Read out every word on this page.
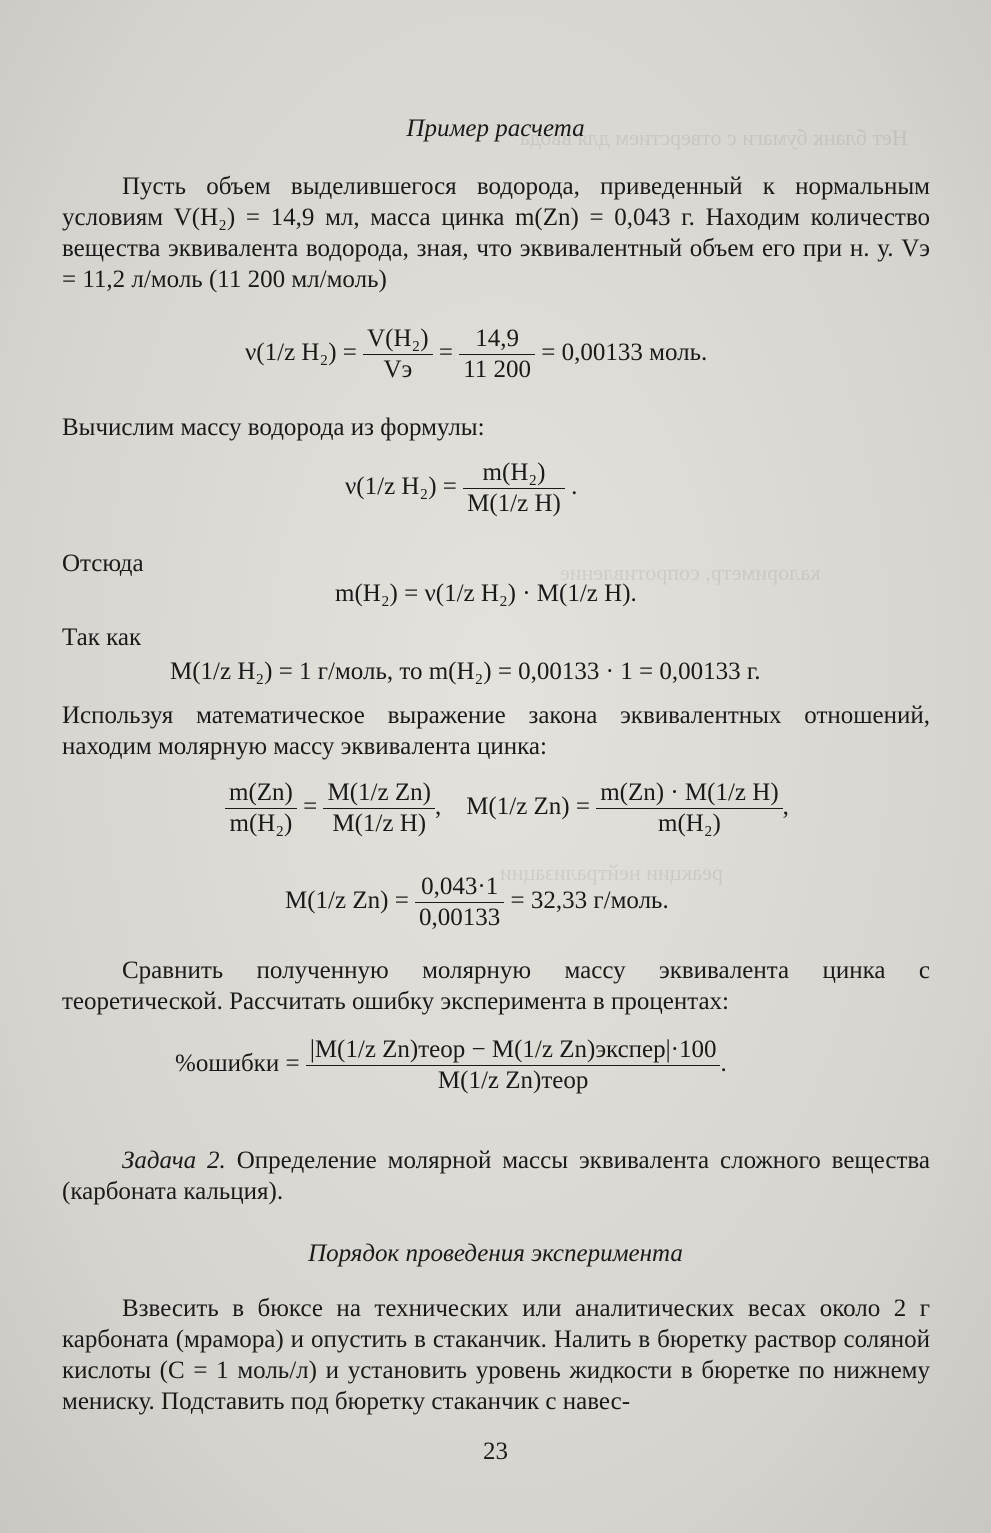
Нет бланк бумаги с отверстием для ввода
калориметр, сопротивление
реакции нейтрализации
Пример расчета
Пусть объем выделившегося водорода, приведенный к нормальным условиям V(H₂) = 14,9 мл, масса цинка m(Zn) = 0,043 г. Находим количество вещества эквивалента водорода, зная, что эквивалентный объем его при н. у. Vэ = 11,2 л/моль (11 200 мл/моль)
ν(1/z $H_2) = \frac{\text{V(H₂)}}{Vэ} = \frac{14,9}{11 200} = 0,00133$ моль.
Вычислим массу водорода из формулы:
ν(1/z $H_2) = \frac{\text{m(H₂)}}{\text{M(1/z H)}}$ .
Отсюда
m(H₂) = ν(1/z H₂) · M(1/z H).
Так как
M(1/z H₂) = 1 г/моль, то m(H₂) = 0,00133 · 1 = 0,00133 г.
Используя математическое выражение закона эквивалентных отношений, находим молярную массу эквивалента цинка:
$\frac{m(Zn)}{\text{m(H₂)}} = \frac{\text{M(1/z Zn)}}{\text{M(1/z H)}}$ , M(1/z $Zn) = \frac{\text{m(Zn) · M(1/z H)}}{\text{m(H₂)}}$ ,
M(1/z $Zn) = \frac{0,043\cdot 1}{0,00133} = 32,33$ г/моль.
Сравнить полученную молярную массу эквивалента цинка с теоретической. Рассчитать ошибку эксперимента в процентах:
%ошибки = $\frac{\text{|M(1/z Zn)теор − M(1/z Zn)экспер|·100}}{\text{M(1/z Zn)теор}}$ .
Задача 2. Определение молярной массы эквивалента сложного вещества (карбоната кальция).
Порядок проведения эксперимента
Взвесить в бюксе на технических или аналитических весах около 2 г карбоната (мрамора) и опустить в стаканчик. Налить в бюретку раствор соляной кислоты (C = 1 моль/л) и установить уровень жидкости в бюретке по нижнему мениску. Подставить под бюретку стаканчик с навес-
23
